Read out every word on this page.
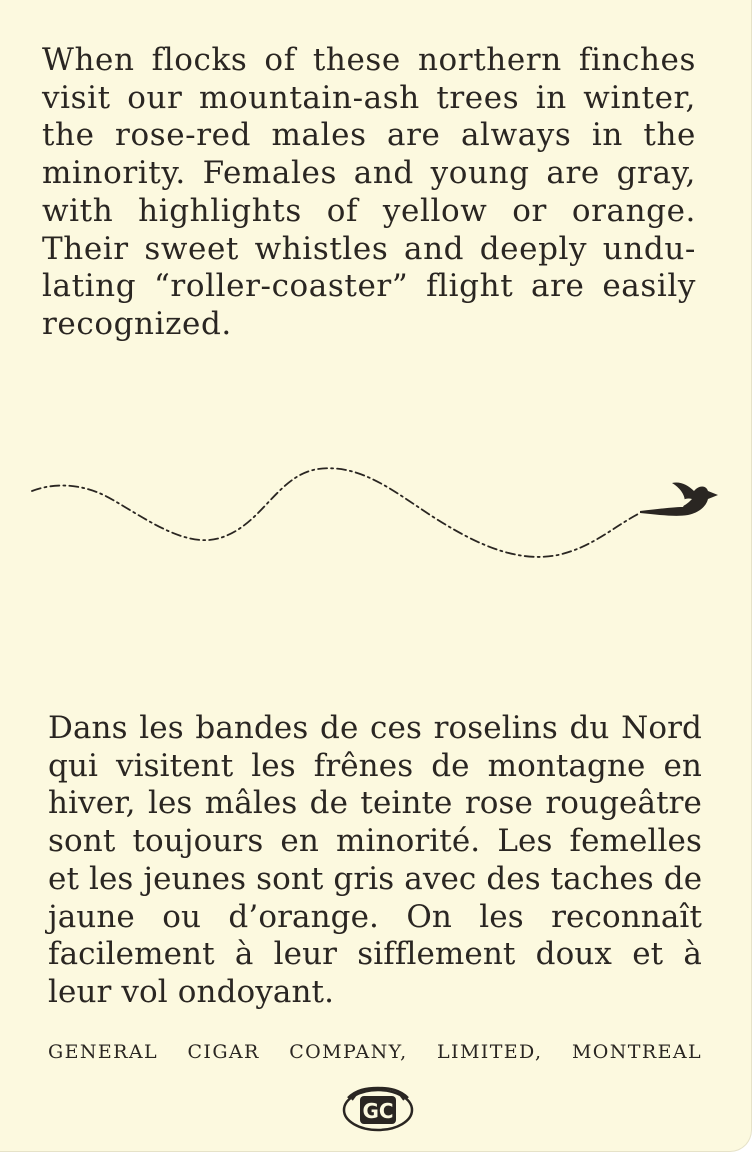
When flocks of these northern finches
visit our mountain-ash trees in winter,
the rose-red males are always in the
minority. Females and young are gray,
with highlights of yellow or orange.
Their sweet whistles and deeply undu-
lating “roller-coaster” flight are easily
recognized.

Dans les bandes de ces roselins du Nord
qui visitent les frênes de montagne en
hiver, les mâles de teinte rose rougeâtre
sont toujours en minorité. Les femelles
et les jeunes sont gris avec des taches de
jaune ou d’orange. On les reconnaît
facilement à leur sifflement doux et à
leur vol ondoyant.

GENERAL CIGAR COMPANY, LIMITED, MONTREAL

GC
